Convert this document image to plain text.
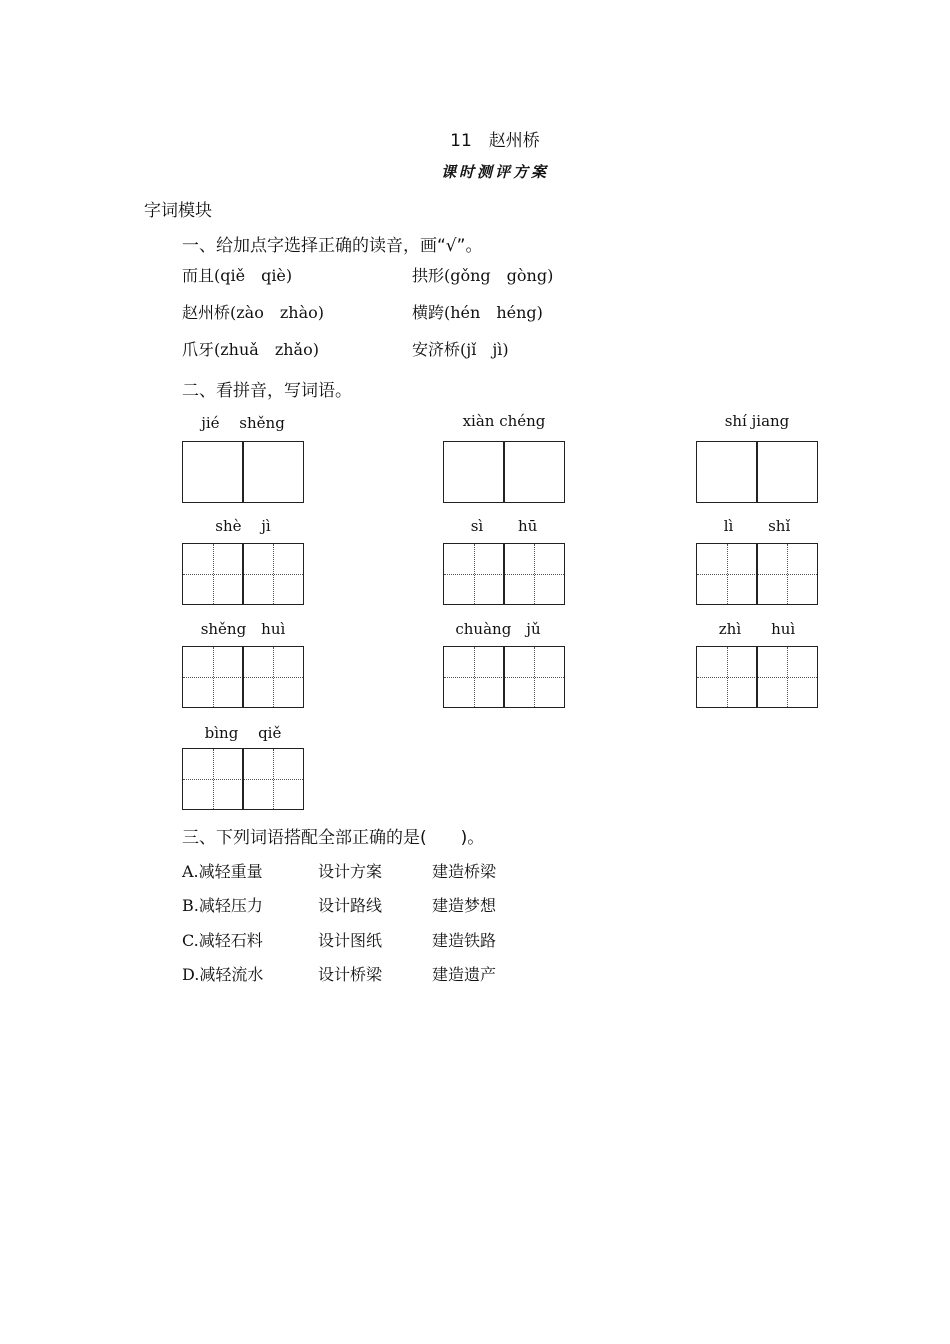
11　赵州桥
课时测评方案
字词模块
一、给加点字选择正确的读音，画“√”。
而且(qiě　qiè)	拱形(gǒng　gòng)
赵州桥(zào　zhào)	横跨(hén　héng)
爪牙(zhuǎ　zhǎo)	安济桥(jǐ　jì)
二、看拼音，写词语。
jié　 shěng	xiàn chéng	shí jiang
shè　 jì	sì　　 hū	lì　　 shǐ
shěng　huì	chuàng　jǔ	zhì　　huì
bìng　 qiě
三、下列词语搭配全部正确的是(　　)。
A.减轻重量	设计方案	建造桥梁
B.减轻压力	设计路线	建造梦想
C.减轻石料	设计图纸	建造铁路
D.减轻流水	设计桥梁	建造遗产
